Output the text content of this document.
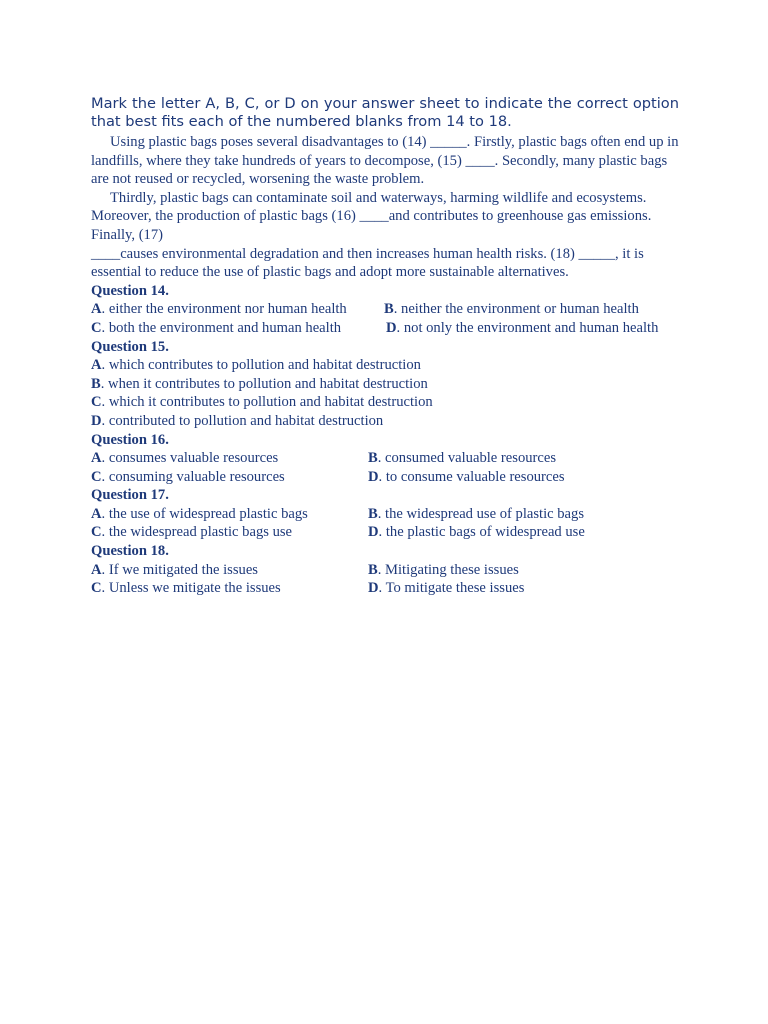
Mark the letter A, B, C, or D on your answer sheet to indicate the correct option that best fits each of the numbered blanks from 14 to 18.

Using plastic bags poses several disadvantages to (14) _____. Firstly, plastic bags often end up in landfills, where they take hundreds of years to decompose, (15) ____. Secondly, many plastic bags are not reused or recycled, worsening the waste problem.

Thirdly, plastic bags can contaminate soil and waterways, harming wildlife and ecosystems. Moreover, the production of plastic bags (16) ____and contributes to greenhouse gas emissions. Finally, (17)

____causes environmental degradation and then increases human health risks. (18) _____, it is essential to reduce the use of plastic bags and adopt more sustainable alternatives.

Question 14.

A. either the environment nor human health	B. neither the environment or human health
C. both the environment and human health	D. not only the environment and human health

Question 15.

A. which contributes to pollution and habitat destruction

B. when it contributes to pollution and habitat destruction

C. which it contributes to pollution and habitat destruction

D. contributed to pollution and habitat destruction

Question 16.

A. consumes valuable resources	B. consumed valuable resources
C. consuming valuable resources	D. to consume valuable resources

Question 17.

A. the use of widespread plastic bags	B. the widespread use of plastic bags
C. the widespread plastic bags use	D. the plastic bags of widespread use

Question 18.

A. If we mitigated the issues	B. Mitigating these issues
C. Unless we mitigate the issues	D. To mitigate these issues
